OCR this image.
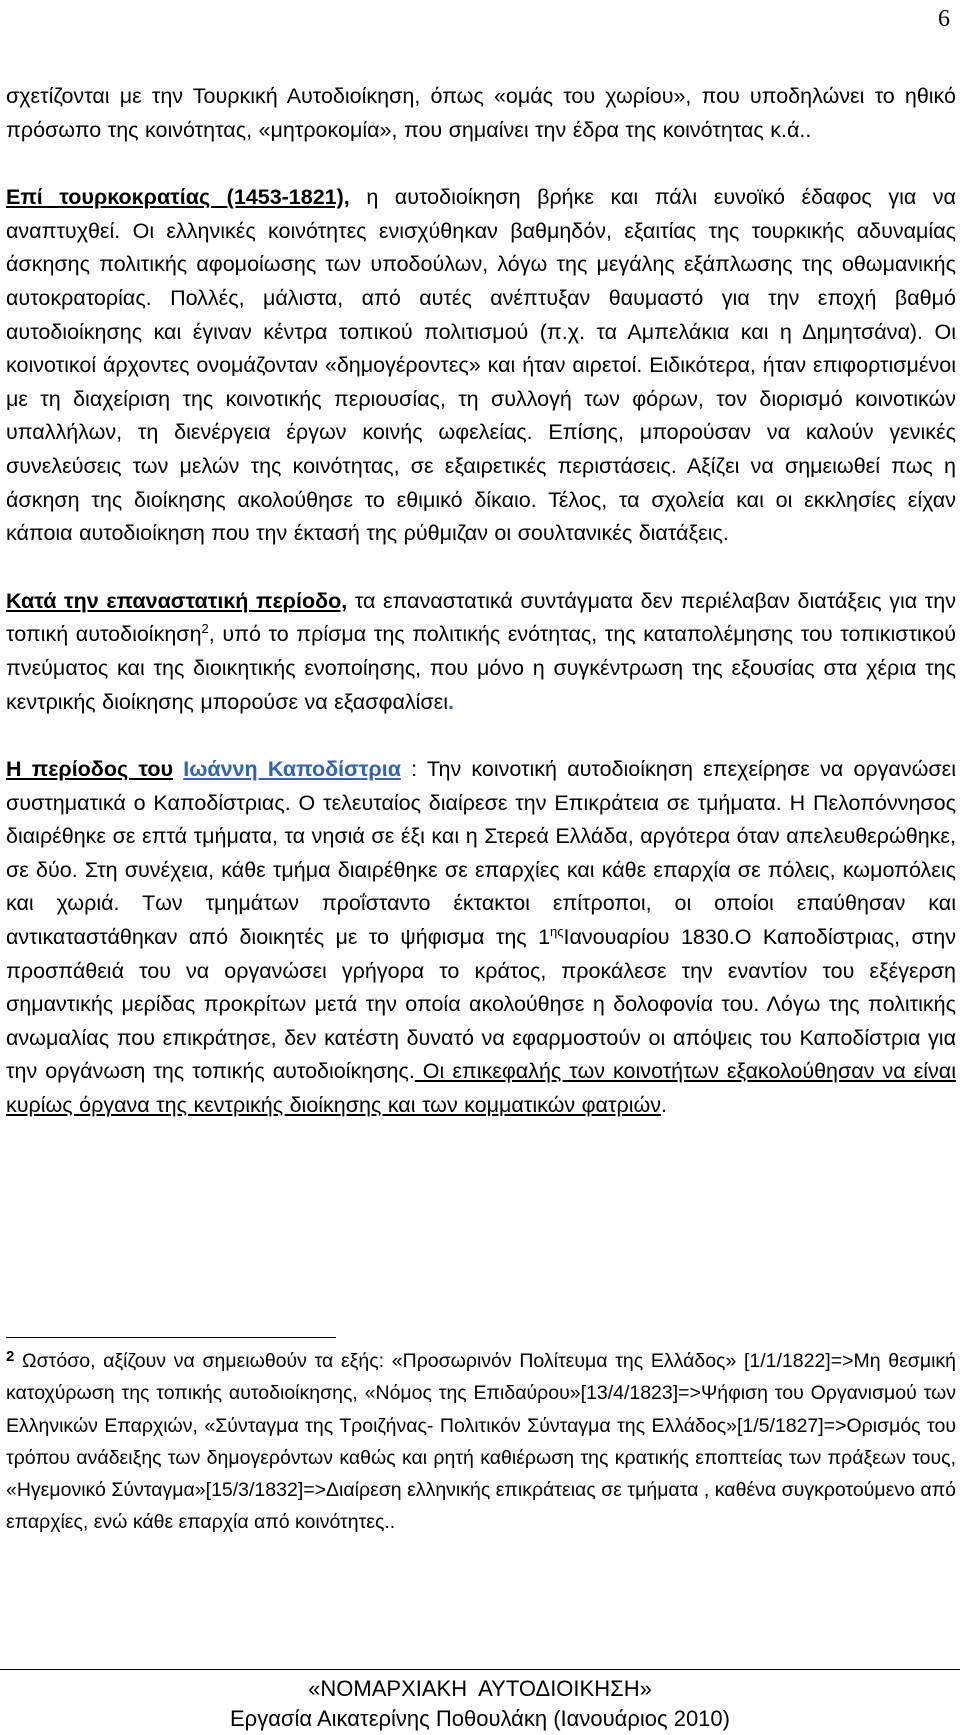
6

σχετίζονται με την Τουρκική Αυτοδιοίκηση, όπως «ομάς του χωρίου», που υποδηλώνει το ηθικό πρόσωπο της κοινότητας, «μητροκομία», που σημαίνει την έδρα της κοινότητας κ.ά..

Επί τουρκοκρατίας (1453-1821), η αυτοδιοίκηση βρήκε και πάλι ευνοϊκό έδαφος για να αναπτυχθεί. Οι ελληνικές κοινότητες ενισχύθηκαν βαθμηδόν, εξαιτίας της τουρκικής αδυναμίας άσκησης πολιτικής αφομοίωσης των υποδούλων, λόγω της μεγάλης εξάπλωσης της οθωμανικής αυτοκρατορίας. Πολλές, μάλιστα, από αυτές ανέπτυξαν θαυμαστό για την εποχή βαθμό αυτοδιοίκησης και έγιναν κέντρα τοπικού πολιτισμού (π.χ. τα Αμπελάκια και η Δημητσάνα). Οι κοινοτικοί άρχοντες ονομάζονταν «δημογέροντες» και ήταν αιρετοί. Ειδικότερα, ήταν επιφορτισμένοι με τη διαχείριση της κοινοτικής περιουσίας, τη συλλογή των φόρων, τον διορισμό κοινοτικών υπαλλήλων, τη διενέργεια έργων κοινής ωφελείας. Επίσης, μπορούσαν να καλούν γενικές συνελεύσεις των μελών της κοινότητας, σε εξαιρετικές περιστάσεις. Αξίζει να σημειωθεί πως η άσκηση της διοίκησης ακολούθησε το εθιμικό δίκαιο. Τέλος, τα σχολεία και οι εκκλησίες είχαν κάποια αυτοδιοίκηση που την έκτασή της ρύθμιζαν οι σουλτανικές διατάξεις.

Κατά την επαναστατική περίοδο, τα επαναστατικά συντάγματα δεν περιέλαβαν διατάξεις για την τοπική αυτοδιοίκηση$^2$, υπό το πρίσμα της πολιτικής ενότητας, της καταπολέμησης του τοπικιστικού πνεύματος και της διοικητικής ενοποίησης, που μόνο η συγκέντρωση της εξουσίας στα χέρια της κεντρικής διοίκησης μπορούσε να εξασφαλίσει.

Η περίοδος του Ιωάννη Καποδίστρια : Την κοινοτική αυτοδιοίκηση επεχείρησε να οργανώσει συστηματικά ο Καποδίστριας. Ο τελευταίος διαίρεσε την Επικράτεια σε τμήματα. Η Πελοπόννησος διαιρέθηκε σε επτά τμήματα, τα νησιά σε έξι και η Στερεά Ελλάδα, αργότερα όταν απελευθερώθηκε, σε δύο. Στη συνέχεια, κάθε τμήμα διαιρέθηκε σε επαρχίες και κάθε επαρχία σε πόλεις, κωμοπόλεις και χωριά. Των τμημάτων προΐσταντο έκτακτοι επίτροποι, οι οποίοι επαύθησαν και αντικαταστάθηκαν από διοικητές με το ψήφισμα της $1^{\eta\varsigma}I\alpha\nu o\upsilon\alpha\rho ίo\upsilon$ 1830.Ο Καποδίστριας, στην προσπάθειά του να οργανώσει γρήγορα το κράτος, προκάλεσε την εναντίον του εξέγερση σημαντικής μερίδας προκρίτων μετά την οποία ακολούθησε η δολοφονία του. Λόγω της πολιτικής ανωμαλίας που επικράτησε, δεν κατέστη δυνατό να εφαρμοστούν οι απόψεις του Καποδίστρια για την οργάνωση της τοπικής αυτοδιοίκησης. Οι επικεφαλής των κοινοτήτων εξακολούθησαν να είναι κυρίως όργανα της κεντρικής διοίκησης και των κομματικών φατριών.

$^2$ Ωστόσο, αξίζουν να σημειωθούν τα εξής: «Προσωρινόν Πολίτευμα της Ελλάδος» [1/1/1822]=>Μη θεσμική κατοχύρωση της τοπικής αυτοδιοίκησης, «Νόμος της Επιδαύρου»[13/4/1823]=>Ψήφιση του Οργανισμού των Ελληνικών Επαρχιών, «Σύνταγμα της Τροιζήνας- Πολιτικόν Σύνταγμα της Ελλάδος»[1/5/1827]=>Ορισμός του τρόπου ανάδειξης των δημογερόντων καθώς και ρητή καθιέρωση της κρατικής εποπτείας των πράξεων τους, «Ηγεμονικό Σύνταγμα»[15/3/1832]=>Διαίρεση ελληνικής επικράτειας σε τμήματα , καθένα συγκροτούμενο από επαρχίες, ενώ κάθε επαρχία από κοινότητες..

«ΝΟΜΑΡΧΙΑΚΗ  ΑΥΤΟΔΙΟΙΚΗΣΗ»
Εργασία Αικατερίνης Ποθουλάκη (Ιανουάριος 2010)
